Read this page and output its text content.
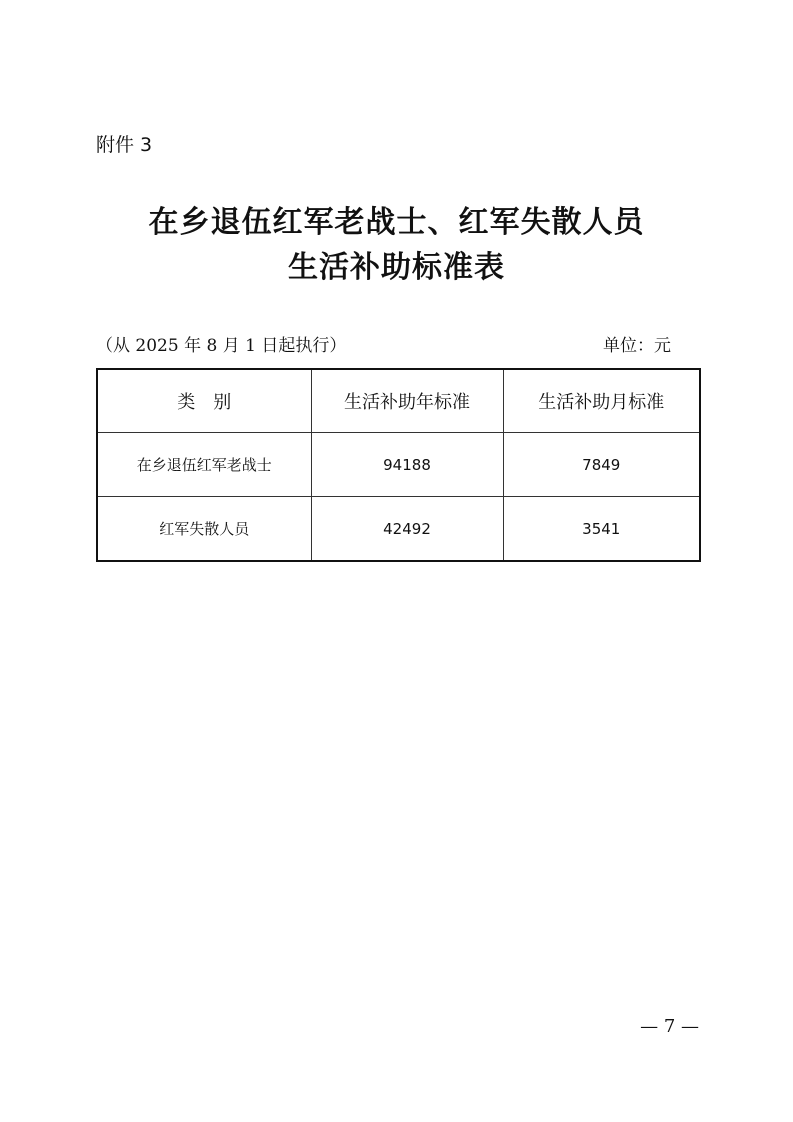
附件 3
在乡退伍红军老战士、红军失散人员
生活补助标准表
（从 2025 年 8 月 1 日起执行）	单位：元
类　别	生活补助年标准	生活补助月标准
在乡退伍红军老战士	94188	7849
红军失散人员	42492	3541
— 7 —
